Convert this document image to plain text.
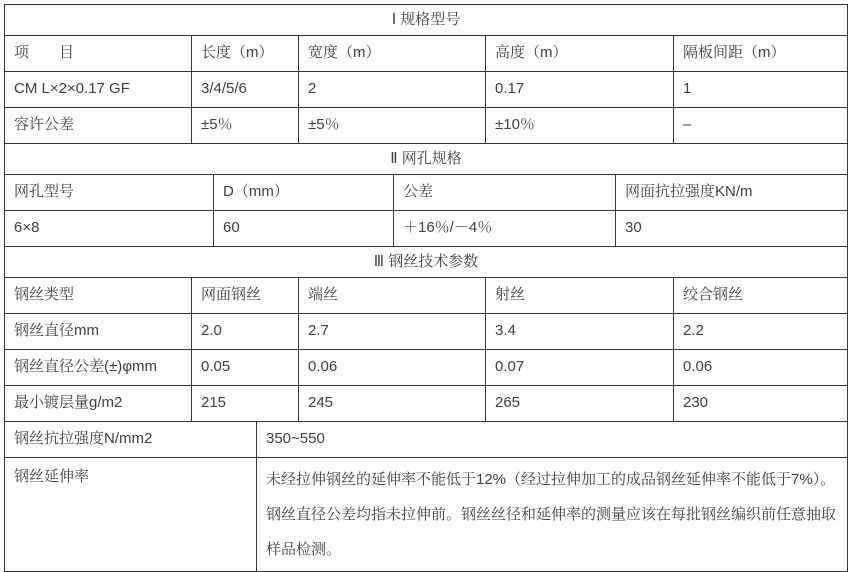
Ⅰ 规格型号				
项　　目	长度（m）	宽度（m）	高度（m）	隔板间距（m）
CM L×2×0.17 GF	3/4/5/6	2	0.17	1
容许公差	±5％	±5％	±10％	–
Ⅱ 网孔规格			
网孔型号	D（mm）	公差	网面抗拉强度KN/m
6×8	60	＋16％/－4％	30
Ⅲ 钢丝技术参数				
钢丝类型	网面钢丝	端丝	射丝	绞合钢丝
钢丝直径mm	2.0	2.7	3.4	2.2
钢丝直径公差(±)φmm	0.05	0.06	0.07	0.06
最小镀层量g/m2	215	245	265	230
钢丝抗拉强度N/mm2	350~550
钢丝延伸率	未经拉伸钢丝的延伸率不能低于12%（经过拉伸加工的成品钢丝延伸率不能低于7%）。钢丝直径公差均指未拉伸前。钢丝丝径和延伸率的测量应该在每批钢丝编织前任意抽取样品检测。
